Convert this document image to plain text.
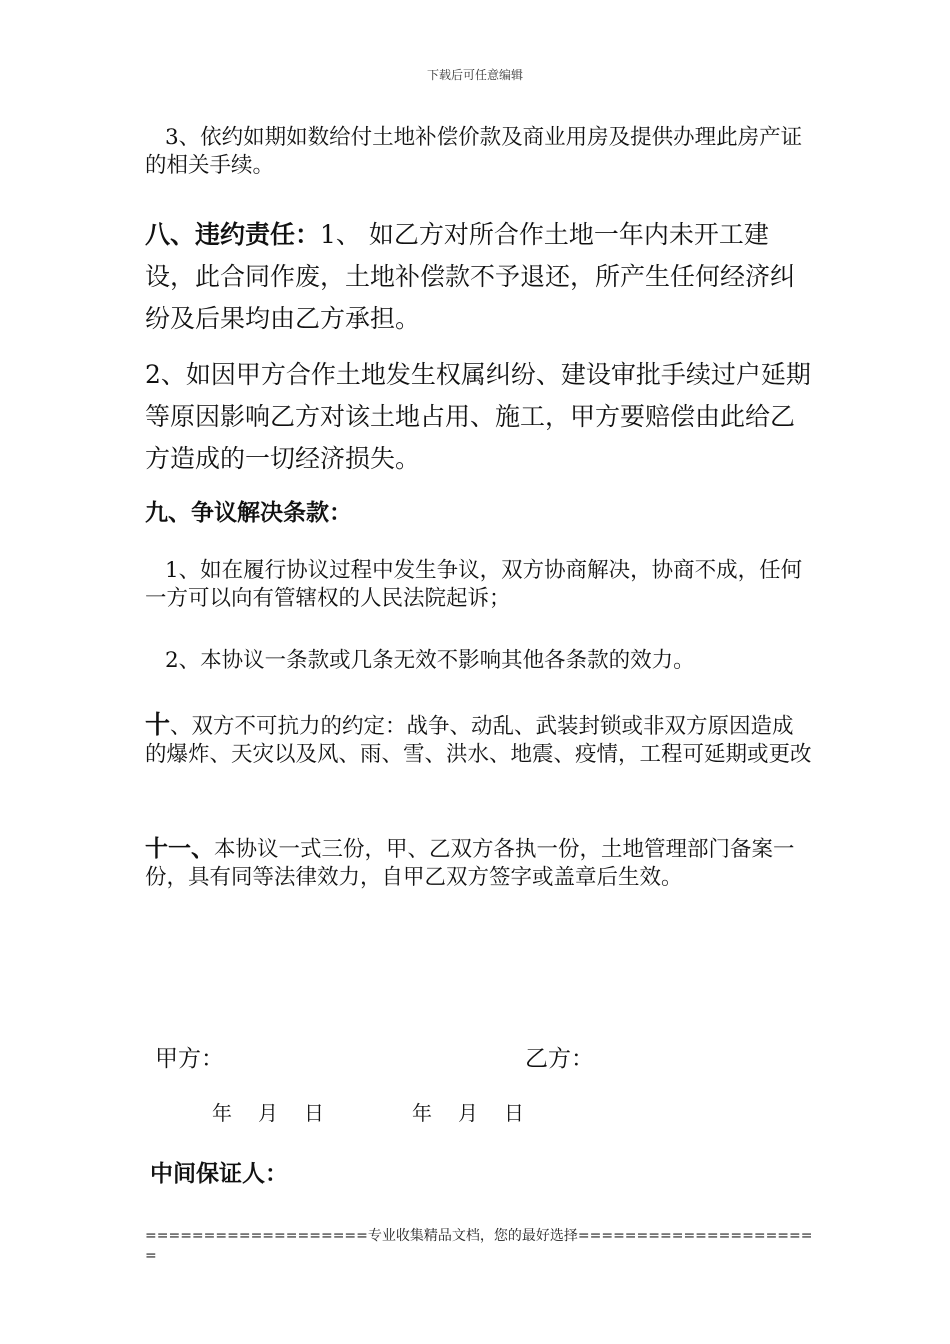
下载后可任意编辑

3、依约如期如数给付土地补偿价款及商业用房及提供办理此房产证的相关手续。

八、违约责任：1、 如乙方对所合作土地一年内未开工建设，此合同作废，土地补偿款不予退还，所产生任何经济纠纷及后果均由乙方承担。

2、如因甲方合作土地发生权属纠纷、建设审批手续过户延期等原因影响乙方对该土地占用、施工，甲方要赔偿由此给乙方造成的一切经济损失。

九、争议解决条款：

1、如在履行协议过程中发生争议，双方协商解决，协商不成，任何一方可以向有管辖权的人民法院起诉；

2、本协议一条款或几条无效不影响其他各条款的效力。

十、双方不可抗力的约定：战争、动乱、武装封锁或非双方原因造成的爆炸、天灾以及风、雨、雪、洪水、地震、疫情，工程可延期或更改

十一、本协议一式三份，甲、乙双方各执一份，土地管理部门备案一份，具有同等法律效力，自甲乙双方签字或盖章后生效。

甲方：	乙方：
年 月 日	年 月 日
中间保证人：
===================专业收集精品文档，您的最好选择=====================
